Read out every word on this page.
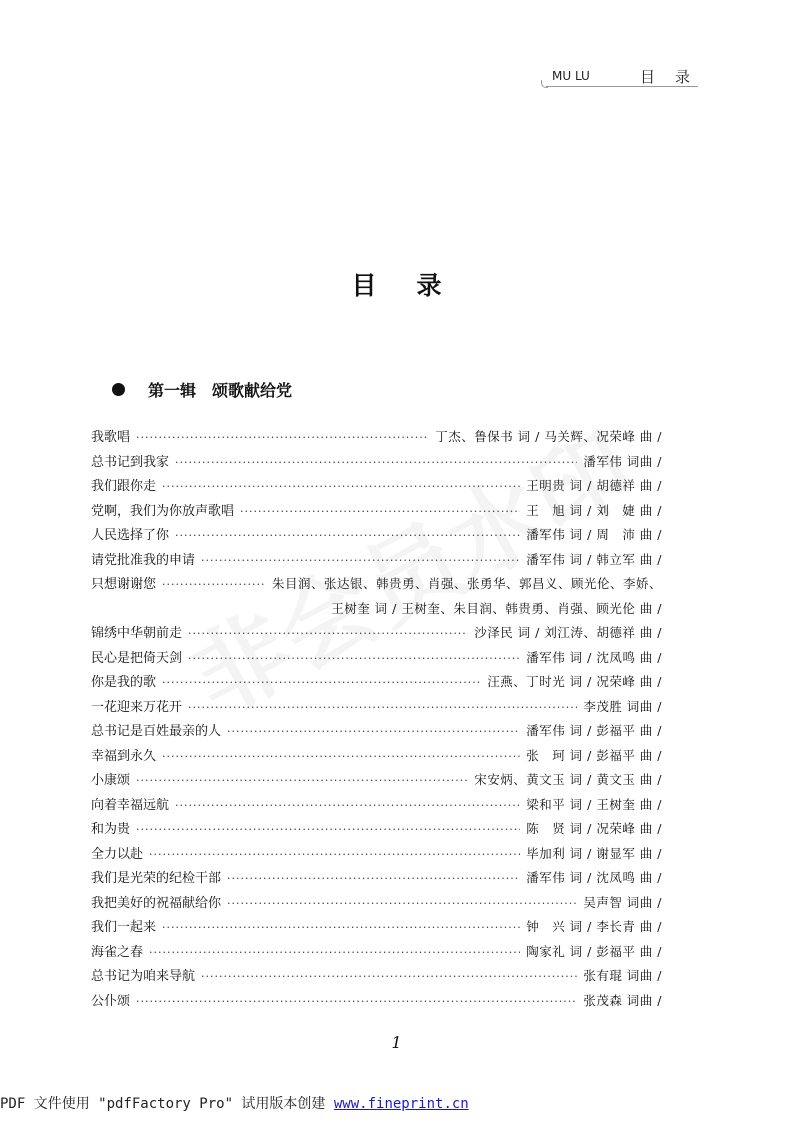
MU LU	目录
目录
第一辑　颂歌献给党
我歌唱 ·····	丁杰、鲁保书 词 / 马关辉、况荣峰 曲 /
总书记到我家 ·····	潘军伟 词曲 /
我们跟你走 ·····	王明贵 词 / 胡德祥 曲 /
党啊，我们为你放声歌唱 ·····	王　旭 词 / 刘　婕 曲 /
人民选择了你 ·····	潘军伟 词 / 周　沛 曲 /
请党批准我的申请 ·····	潘军伟 词 / 韩立军 曲 /
只想谢谢您 ·····	朱目润、张达银、韩贵勇、肖强、张勇华、郭昌义、顾光伦、李娇、
王树奎 词 / 王树奎、朱目润、韩贵勇、肖强、顾光伦 曲 /
锦绣中华朝前走 ·····	沙泽民 词 / 刘江涛、胡德祥 曲 /
民心是把倚天剑 ·····	潘军伟 词 / 沈凤鸣 曲 /
你是我的歌 ·····	汪燕、丁时光 词 / 况荣峰 曲 /
一花迎来万花开 ·····	李茂胜 词曲 /
总书记是百姓最亲的人 ·····	潘军伟 词 / 彭福平 曲 /
幸福到永久 ·····	张　珂 词 / 彭福平 曲 /
小康颂 ·····	宋安炳、黄文玉 词 / 黄文玉 曲 /
向着幸福远航 ·····	梁和平 词 / 王树奎 曲 /
和为贵 ·····	陈　贤 词 / 况荣峰 曲 /
全力以赴 ·····	毕加利 词 / 谢显军 曲 /
我们是光荣的纪检干部 ·····	潘军伟 词 / 沈凤鸣 曲 /
我把美好的祝福献给你 ·····	吴声智 词曲 /
我们一起来 ·····	钟　兴 词 / 李长青 曲 /
海雀之春 ·····	陶家礼 词 / 彭福平 曲 /
总书记为咱来导航 ·····	张有琨 词曲 /
公仆颂 ·····	张茂森 词曲 /
1
PDF 文件使用 "pdfFactory Pro" 试用版本创建 www.fineprint.cn
